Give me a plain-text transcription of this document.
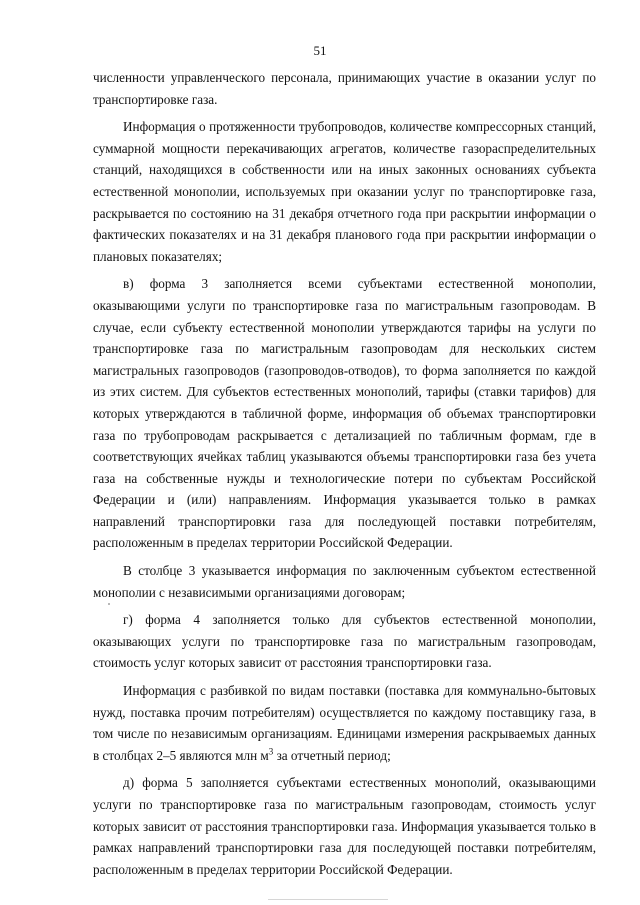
51

численности управленческого персонала, принимающих участие в оказании услуг по транспортировке газа.

Информация о протяженности трубопроводов, количестве компрессорных станций, суммарной мощности перекачивающих агрегатов, количестве газораспределительных станций, находящихся в собственности или на иных законных основаниях субъекта естественной монополии, используемых при оказании услуг по транспортировке газа, раскрывается по состоянию на 31 декабря отчетного года при раскрытии информации о фактических показателях и на 31 декабря планового года при раскрытии информации о плановых показателях;

в) форма 3 заполняется всеми субъектами естественной монополии, оказывающими услуги по транспортировке газа по магистральным газопроводам. В случае, если субъекту естественной монополии утверждаются тарифы на услуги по транспортировке газа по магистральным газопроводам для нескольких систем магистральных газопроводов (газопроводов-отводов), то форма заполняется по каждой из этих систем. Для субъектов естественных монополий, тарифы (ставки тарифов) для которых утверждаются в табличной форме, информация об объемах транспортировки газа по трубопроводам раскрывается с детализацией по табличным формам, где в соответствующих ячейках таблиц указываются объемы транспортировки газа без учета газа на собственные нужды и технологические потери по субъектам Российской Федерации и (или) направлениям. Информация указывается только в рамках направлений транспортировки газа для последующей поставки потребителям, расположенным в пределах территории Российской Федерации.

В столбце 3 указывается информация по заключенным субъектом естественной монополии с независимыми организациями договорам;

г) форма 4 заполняется только для субъектов естественной монополии, оказывающих услуги по транспортировке газа по магистральным газопроводам, стоимость услуг которых зависит от расстояния транспортировки газа.

Информация с разбивкой по видам поставки (поставка для коммунально-бытовых нужд, поставка прочим потребителям) осуществляется по каждому поставщику газа, в том числе по независимым организациям. Единицами измерения раскрываемых данных в столбцах 2–5 являются млн $м^3$ за отчетный период;

д) форма 5 заполняется субъектами естественных монополий, оказывающими услуги по транспортировке газа по магистральным газопроводам, стоимость услуг которых зависит от расстояния транспортировки газа. Информация указывается только в рамках направлений транспортировки газа для последующей поставки потребителям, расположенным в пределах территории Российской Федерации.
